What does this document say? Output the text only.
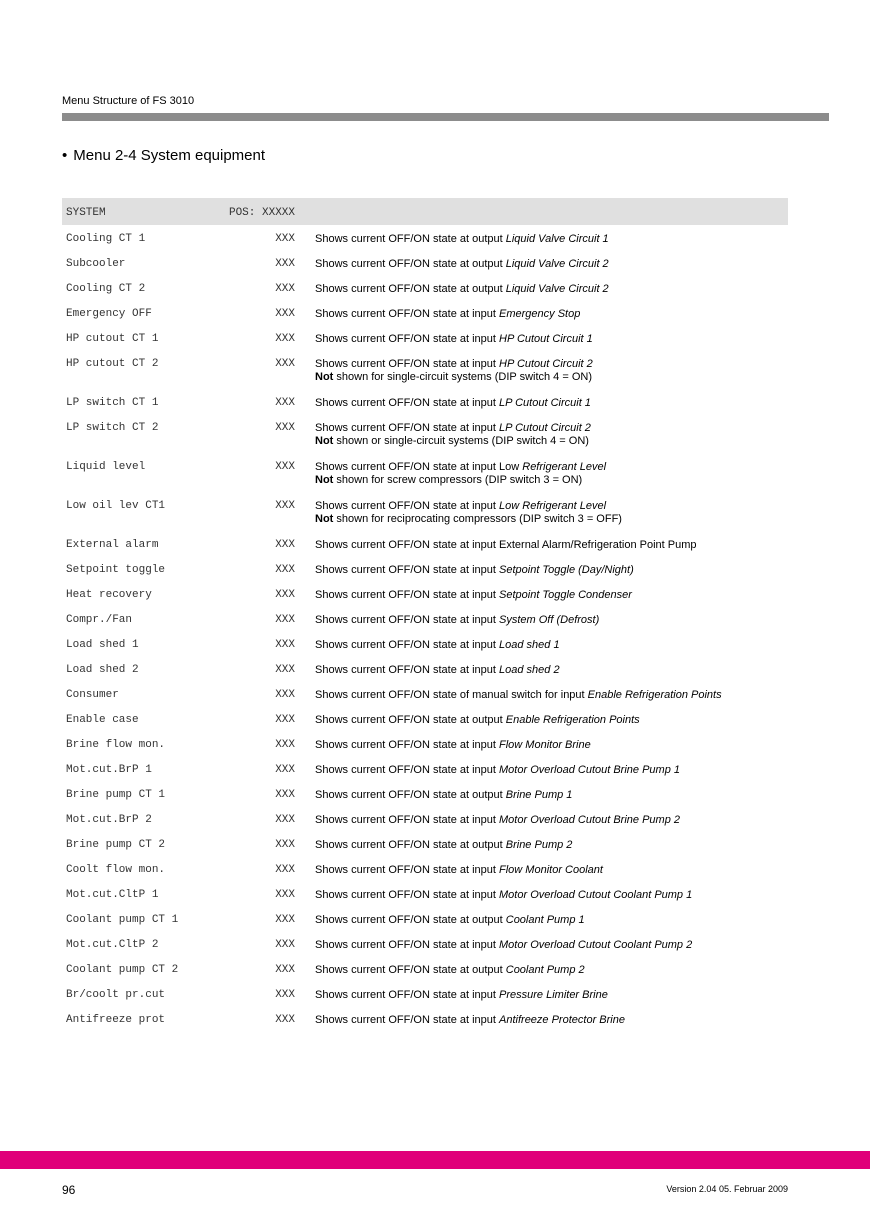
Menu Structure of FS 3010
• Menu 2-4 System equipment
SYSTEM	POS: XXXXX
Cooling CT 1	XXX Shows current OFF/ON state at output Liquid Valve Circuit 1
Subcooler	XXX Shows current OFF/ON state at output Liquid Valve Circuit 2
Cooling CT 2	XXX Shows current OFF/ON state at output Liquid Valve Circuit 2
Emergency OFF	XXX Shows current OFF/ON state at input Emergency Stop
HP cutout CT 1	XXX Shows current OFF/ON state at input HP Cutout Circuit 1
HP cutout CT 2	XXX Shows current OFF/ON state at input HP Cutout Circuit 2
Not shown for single-circuit systems (DIP switch 4 = ON)
LP switch CT 1	XXX Shows current OFF/ON state at input LP Cutout Circuit 1
LP switch CT 2	XXX Shows current OFF/ON state at input LP Cutout Circuit 2
Not shown or single-circuit systems (DIP switch 4 = ON)
Liquid level	XXX Shows current OFF/ON state at input Low Refrigerant Level
Not shown for screw compressors (DIP switch 3 = ON)
Low oil lev CT1	XXX Shows current OFF/ON state at input Low Refrigerant Level
Not shown for reciprocating compressors (DIP switch 3 = OFF)
External alarm	XXX Shows current OFF/ON state at input External Alarm/Refrigeration Point Pump
Setpoint toggle	XXX Shows current OFF/ON state at input Setpoint Toggle (Day/Night)
Heat recovery	XXX Shows current OFF/ON state at input Setpoint Toggle Condenser
Compr./Fan	XXX Shows current OFF/ON state at input System Off (Defrost)
Load shed 1	XXX Shows current OFF/ON state at input Load shed 1
Load shed 2	XXX Shows current OFF/ON state at input Load shed 2
Consumer	XXX Shows current OFF/ON state of manual switch for input Enable Refrigeration Points
Enable case	XXX Shows current OFF/ON state at output Enable Refrigeration Points
Brine flow mon.	XXX Shows current OFF/ON state at input Flow Monitor Brine
Mot.cut.BrP 1	XXX Shows current OFF/ON state at input Motor Overload Cutout Brine Pump 1
Brine pump CT 1	XXX Shows current OFF/ON state at output Brine Pump 1
Mot.cut.BrP 2	XXX Shows current OFF/ON state at input Motor Overload Cutout Brine Pump 2
Brine pump CT 2	XXX Shows current OFF/ON state at output Brine Pump 2
Coolt flow mon.	XXX Shows current OFF/ON state at input Flow Monitor Coolant
Mot.cut.CltP 1	XXX Shows current OFF/ON state at input Motor Overload Cutout Coolant Pump 1
Coolant pump CT 1	XXX Shows current OFF/ON state at output Coolant Pump 1
Mot.cut.CltP 2	XXX Shows current OFF/ON state at input Motor Overload Cutout Coolant Pump 2
Coolant pump CT 2	XXX Shows current OFF/ON state at output Coolant Pump 2
Br/coolt pr.cut	XXX Shows current OFF/ON state at input Pressure Limiter Brine
Antifreeze prot	XXX Shows current OFF/ON state at input Antifreeze Protector Brine
96	Version 2.04 05. Februar 2009
